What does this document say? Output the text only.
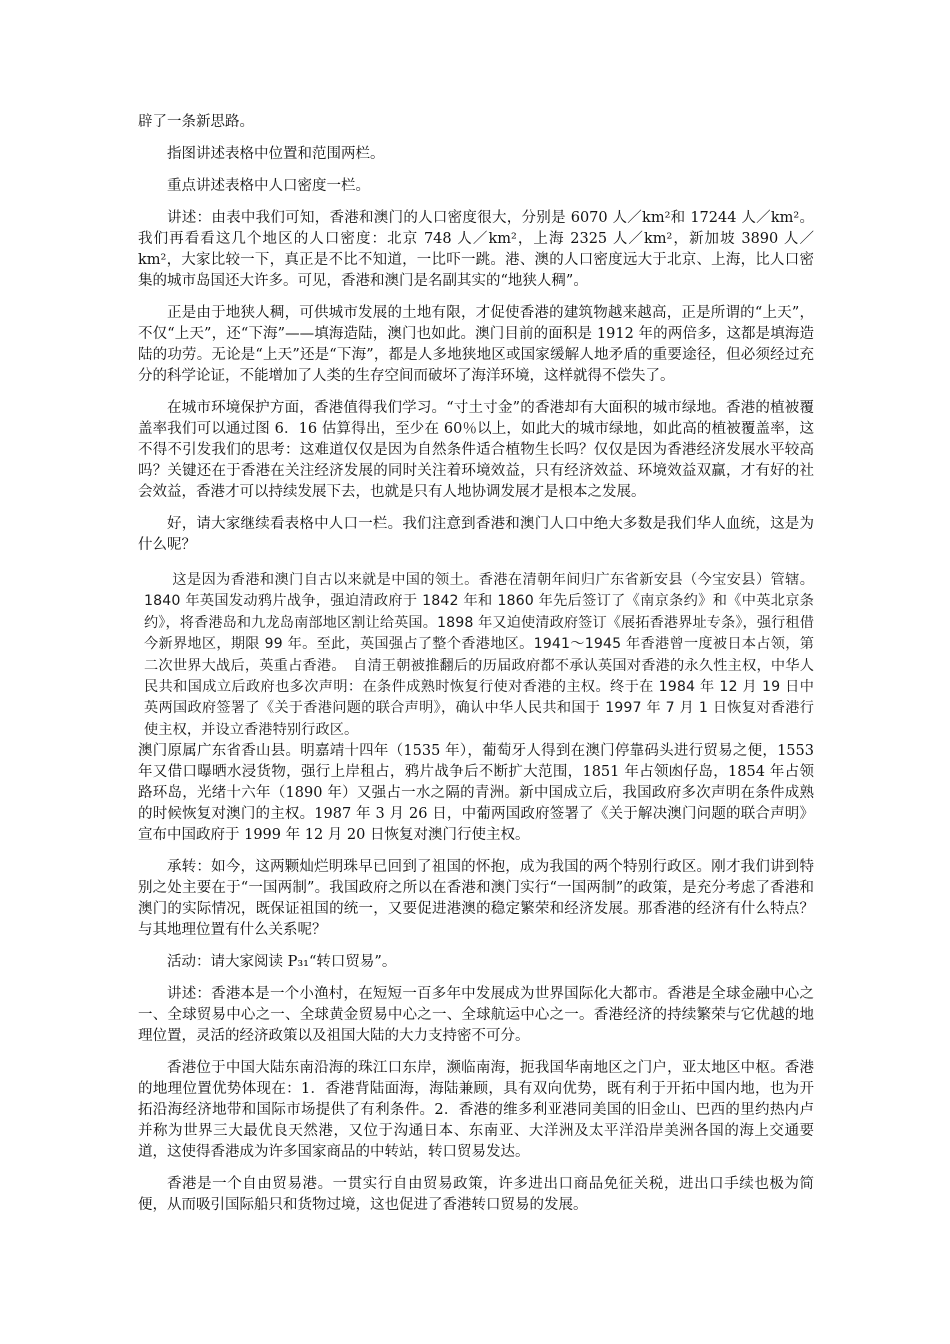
辟了一条新思路。

指图讲述表格中位置和范围两栏。

重点讲述表格中人口密度一栏。

讲述：由表中我们可知，香港和澳门的人口密度很大，分别是 6070 人／km²和 17244 人／km²。我们再看看这几个地区的人口密度：北京 748 人／km²，上海 2325 人／km²，新加坡 3890 人／km²，大家比较一下，真正是不比不知道，一比吓一跳。港、澳的人口密度远大于北京、上海，比人口密集的城市岛国还大许多。可见，香港和澳门是名副其实的“地狭人稠”。

正是由于地狭人稠，可供城市发展的土地有限，才促使香港的建筑物越来越高，正是所谓的“上天”，不仅“上天”，还“下海”——填海造陆，澳门也如此。澳门目前的面积是 1912 年的两倍多，这都是填海造陆的功劳。无论是“上天”还是“下海”，都是人多地狭地区或国家缓解人地矛盾的重要途径，但必须经过充分的科学论证，不能增加了人类的生存空间而破坏了海洋环境，这样就得不偿失了。

在城市环境保护方面，香港值得我们学习。“寸土寸金”的香港却有大面积的城市绿地。香港的植被覆盖率我们可以通过图 6．16 估算得出，至少在 60％以上，如此大的城市绿地，如此高的植被覆盖率，这不得不引发我们的思考：这难道仅仅是因为自然条件适合植物生长吗？仅仅是因为香港经济发展水平较高吗？关键还在于香港在关注经济发展的同时关注着环境效益，只有经济效益、环境效益双赢，才有好的社会效益，香港才可以持续发展下去，也就是只有人地协调发展才是根本之发展。

好，请大家继续看表格中人口一栏。我们注意到香港和澳门人口中绝大多数是我们华人血统，这是为什么呢？

这是因为香港和澳门自古以来就是中国的领土。香港在清朝年间归广东省新安县（今宝安县）管辖。1840 年英国发动鸦片战争，强迫清政府于 1842 年和 1860 年先后签订了《南京条约》和《中英北京条约》，将香港岛和九龙岛南部地区割让给英国。1898 年又迫使清政府签订《展拓香港界址专条》，强行租借今新界地区，期限 99 年。至此，英国强占了整个香港地区。1941～1945 年香港曾一度被日本占领，第二次世界大战后，英重占香港。　自清王朝被推翻后的历届政府都不承认英国对香港的永久性主权，中华人民共和国成立后政府也多次声明：在条件成熟时恢复行使对香港的主权。终于在 1984 年 12 月 19 日中英两国政府签署了《关于香港问题的联合声明》，确认中华人民共和国于 1997 年 7 月 1 日恢复对香港行使主权，并设立香港特别行政区。

澳门原属广东省香山县。明嘉靖十四年（1535 年），葡萄牙人得到在澳门停靠码头进行贸易之便，1553 年又借口曝晒水浸货物，强行上岸租占，鸦片战争后不断扩大范围，1851 年占领凼仔岛，1854 年占领路环岛，光绪十六年（1890 年）又强占一水之隔的青洲。新中国成立后，我国政府多次声明在条件成熟的时候恢复对澳门的主权。1987 年 3 月 26 日，中葡两国政府签署了《关于解决澳门问题的联合声明》宣布中国政府于 1999 年 12 月 20 日恢复对澳门行使主权。

承转：如今，这两颗灿烂明珠早已回到了祖国的怀抱，成为我国的两个特别行政区。刚才我们讲到特别之处主要在于“一国两制”。我国政府之所以在香港和澳门实行“一国两制”的政策，是充分考虑了香港和澳门的实际情况，既保证祖国的统一，又要促进港澳的稳定繁荣和经济发展。那香港的经济有什么特点？与其地理位置有什么关系呢？

活动：请大家阅读 P₃₁“转口贸易”。

讲述：香港本是一个小渔村，在短短一百多年中发展成为世界国际化大都市。香港是全球金融中心之一、全球贸易中心之一、全球黄金贸易中心之一、全球航运中心之一。香港经济的持续繁荣与它优越的地理位置，灵活的经济政策以及祖国大陆的大力支持密不可分。

香港位于中国大陆东南沿海的珠江口东岸，濒临南海，扼我国华南地区之门户，亚太地区中枢。香港的地理位置优势体现在：1．香港背陆面海，海陆兼顾，具有双向优势，既有利于开拓中国内地，也为开拓沿海经济地带和国际市场提供了有利条件。2．香港的维多利亚港同美国的旧金山、巴西的里约热内卢并称为世界三大最优良天然港，又位于沟通日本、东南亚、大洋洲及太平洋沿岸美洲各国的海上交通要道，这使得香港成为许多国家商品的中转站，转口贸易发达。

香港是一个自由贸易港。一贯实行自由贸易政策，许多进出口商品免征关税，进出口手续也极为简便，从而吸引国际船只和货物过境，这也促进了香港转口贸易的发展。
